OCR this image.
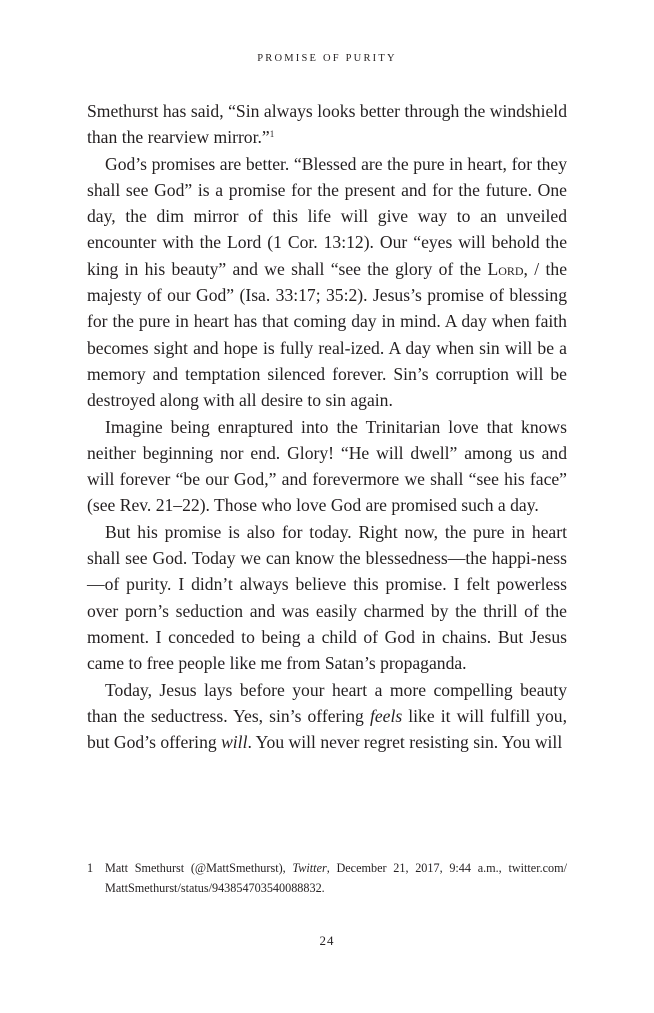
PROMISE OF PURITY

Smethurst has said, “Sin always looks better through the windshield than the rearview mirror.”$^1$

God’s promises are better. “Blessed are the pure in heart, for they shall see God” is a promise for the present and for the future. One day, the dim mirror of this life will give way to an unveiled encounter with the Lord (1 Cor. 13:12). Our “eyes will behold the king in his beauty” and we shall “see the glory of the Lord, / the majesty of our God” (Isa. 33:17; 35:2). Jesus’s promise of blessing for the pure in heart has that coming day in mind. A day when faith becomes sight and hope is fully real-ized. A day when sin will be a memory and temptation silenced forever. Sin’s corruption will be destroyed along with all desire to sin again.

Imagine being enraptured into the Trinitarian love that knows neither beginning nor end. Glory! “He will dwell” among us and will forever “be our God,” and forevermore we shall “see his face” (see Rev. 21–22). Those who love God are promised such a day.

But his promise is also for today. Right now, the pure in heart shall see God. Today we can know the blessedness—the happi-ness—of purity. I didn’t always believe this promise. I felt powerless over porn’s seduction and was easily charmed by the thrill of the moment. I conceded to being a child of God in chains. But Jesus came to free people like me from Satan’s propaganda.

Today, Jesus lays before your heart a more compelling beauty than the seductress. Yes, sin’s offering feels like it will fulfill you, but God’s offering will. You will never regret resisting sin. You will

1 Matt Smethurst (@MattSmethurst), Twitter, December 21, 2017, 9:44 a.m., twitter.com/ MattSmethurst/status/943854703540088832.
24
